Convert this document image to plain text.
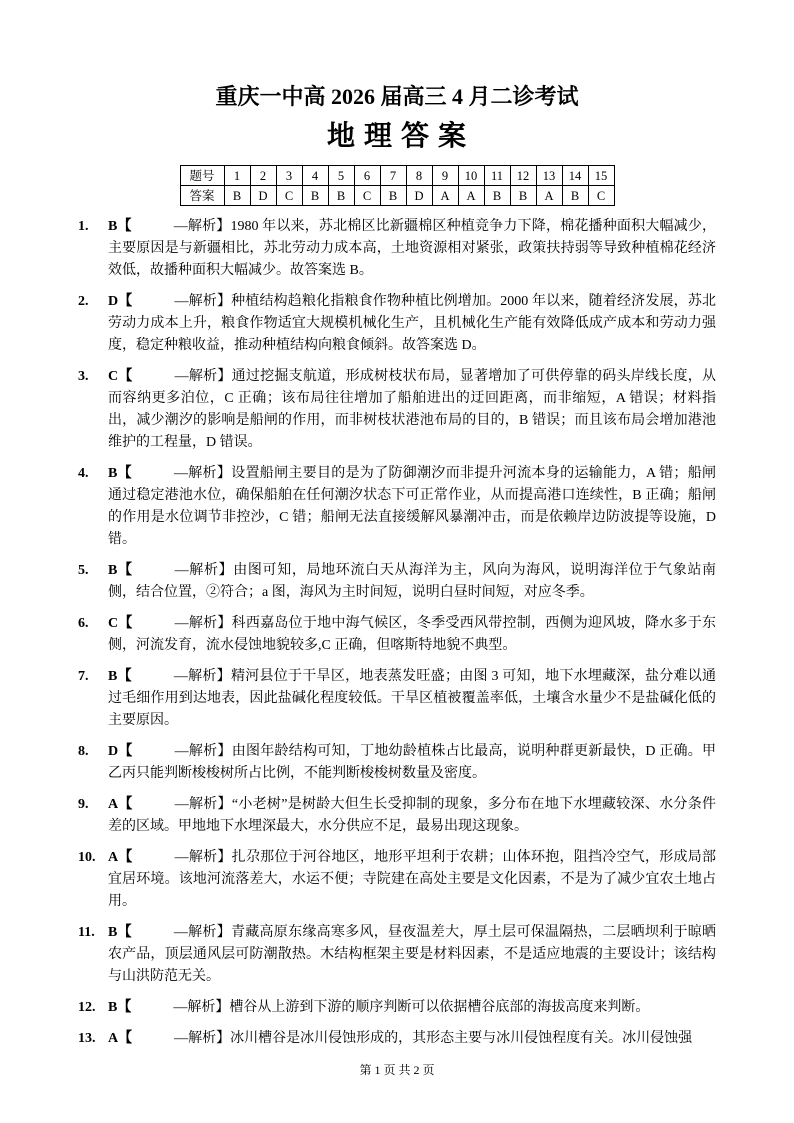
重庆一中高 2026 届高三 4 月二诊考试
地 理 答 案
题号	1	2	3	4	5	6	7	8	9	10	11	12	13	14	15
答案	B	D	C	B	B	C	B	D	A	A	B	B	A	B	C
1. B【	—解析】1980 年以来，苏北棉区比新疆棉区种植竞争力下降，棉花播种面积大幅减少，主要原因是与新疆相比，苏北劳动力成本高，土地资源相对紧张，政策扶持弱等导致种植棉花经济效低，故播种面积大幅减少。故答案选 B。
2. D【	—解析】种植结构趋粮化指粮食作物种植比例增加。2000 年以来，随着经济发展，苏北劳动力成本上升，粮食作物适宜大规模机械化生产，且机械化生产能有效降低成产成本和劳动力强度，稳定种粮收益，推动种植结构向粮食倾斜。故答案选 D。
3. C【	—解析】通过挖掘支航道，形成树枝状布局，显著增加了可供停靠的码头岸线长度，从而容纳更多泊位，C 正确；该布局往往增加了船舶进出的迂回距离，而非缩短，A 错误；材料指出，减少潮汐的影响是船闸的作用，而非树枝状港池布局的目的，B 错误；而且该布局会增加港池维护的工程量，D 错误。
4. B【	—解析】设置船闸主要目的是为了防御潮汐而非提升河流本身的运输能力，A 错；船闸通过稳定港池水位，确保船舶在任何潮汐状态下可正常作业，从而提高港口连续性，B 正确；船闸的作用是水位调节非控沙，C 错；船闸无法直接缓解风暴潮冲击，而是依赖岸边防波提等设施，D 错。
5. B【	—解析】由图可知，局地环流白天从海洋为主，风向为海风，说明海洋位于气象站南侧，结合位置，②符合；a 图，海风为主时间短，说明白昼时间短，对应冬季。
6. C【	—解析】科西嘉岛位于地中海气候区，冬季受西风带控制，西侧为迎风坡，降水多于东侧，河流发育，流水侵蚀地貌较多,C 正确，但喀斯特地貌不典型。
7. B【	—解析】精河县位于干旱区，地表蒸发旺盛；由图 3 可知，地下水埋藏深，盐分难以通过毛细作用到达地表，因此盐碱化程度较低。干旱区植被覆盖率低，土壤含水量少不是盐碱化低的主要原因。
8. D【	—解析】由图年龄结构可知，丁地幼龄植株占比最高，说明种群更新最快，D 正确。甲乙丙只能判断梭梭树所占比例，不能判断梭梭树数量及密度。
9. A【	—解析】“小老树”是树龄大但生长受抑制的现象，多分布在地下水埋藏较深、水分条件差的区域。甲地地下水埋深最大，水分供应不足，最易出现这现象。
10. A【	—解析】扎尕那位于河谷地区，地形平坦利于农耕；山体环抱，阻挡冷空气，形成局部宜居环境。该地河流落差大，水运不便；寺院建在高处主要是文化因素，不是为了减少宜农土地占用。
11. B【	—解析】青藏高原东缘高寒多风，昼夜温差大，厚土层可保温隔热，二层晒坝利于晾晒农产品，顶层通风层可防潮散热。木结构框架主要是材料因素，不是适应地震的主要设计；该结构与山洪防范无关。
12. B【	—解析】槽谷从上游到下游的顺序判断可以依据槽谷底部的海拔高度来判断。
13. A【	—解析】冰川槽谷是冰川侵蚀形成的，其形态主要与冰川侵蚀程度有关。冰川侵蚀强
第 1 页 共 2 页
